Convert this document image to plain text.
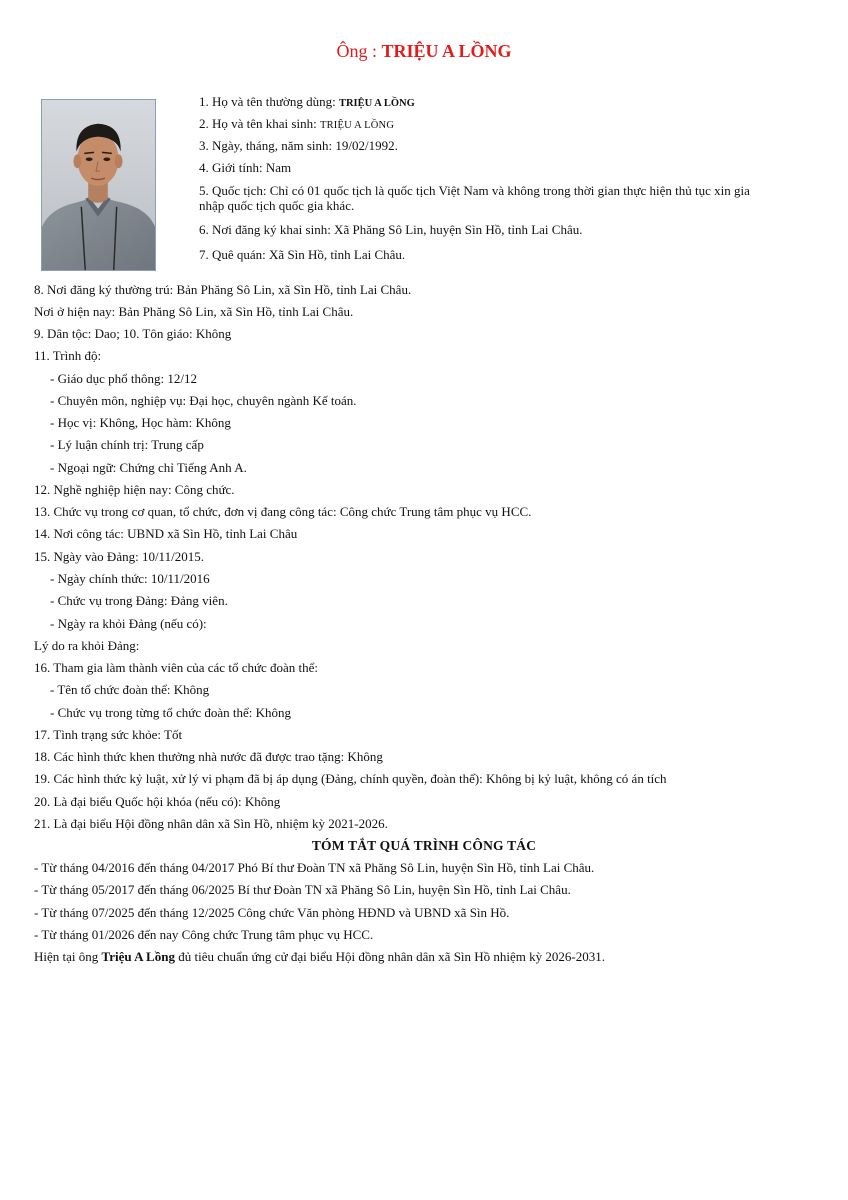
Ông : TRIỆU A LỒNG
1. Họ và tên thường dùng: TRIỆU A LỒNG
2. Họ và tên khai sinh: TRIỆU A LỒNG
3. Ngày, tháng, năm sinh: 19/02/1992.
4. Giới tính: Nam
5. Quốc tịch: Chỉ có 01 quốc tịch là quốc tịch Việt Nam và không trong thời gian thực hiện thủ tục xin gia nhập quốc tịch quốc gia khác.
6. Nơi đăng ký khai sinh: Xã Phăng Sô Lin, huyện Sìn Hồ, tỉnh Lai Châu.
7. Quê quán: Xã Sìn Hồ, tỉnh Lai Châu.
8. Nơi đăng ký thường trú: Bản Phăng Sô Lin, xã Sìn Hồ, tỉnh Lai Châu.
Nơi ở hiện nay: Bản Phăng Sô Lin, xã Sìn Hồ, tỉnh Lai Châu.
9. Dân tộc: Dao; 10. Tôn giáo: Không
11. Trình độ:
- Giáo dục phổ thông: 12/12
- Chuyên môn, nghiệp vụ: Đại học, chuyên ngành Kế toán.
- Học vị: Không, Học hàm: Không
- Lý luận chính trị: Trung cấp
- Ngoại ngữ: Chứng chỉ Tiếng Anh A.
12. Nghề nghiệp hiện nay: Công chức.
13. Chức vụ trong cơ quan, tổ chức, đơn vị đang công tác: Công chức Trung tâm phục vụ HCC.
14. Nơi công tác: UBND xã Sìn Hồ, tỉnh Lai Châu
15. Ngày vào Đảng: 10/11/2015.
- Ngày chính thức: 10/11/2016
- Chức vụ trong Đảng: Đảng viên.
- Ngày ra khỏi Đảng (nếu có):
Lý do ra khỏi Đảng:
16. Tham gia làm thành viên của các tổ chức đoàn thể:
- Tên tổ chức đoàn thể: Không
- Chức vụ trong từng tổ chức đoàn thể: Không
17. Tình trạng sức khỏe: Tốt
18. Các hình thức khen thưởng nhà nước đã được trao tặng: Không
19. Các hình thức kỷ luật, xử lý vi phạm đã bị áp dụng (Đảng, chính quyền, đoàn thể): Không bị kỷ luật, không có án tích
20. Là đại biểu Quốc hội khóa (nếu có): Không
21. Là đại biểu Hội đồng nhân dân xã Sìn Hồ, nhiệm kỳ 2021-2026.
TÓM TẮT QUÁ TRÌNH CÔNG TÁC
- Từ tháng 04/2016 đến tháng 04/2017 Phó Bí thư Đoàn TN xã Phăng Sô Lin, huyện Sìn Hồ, tỉnh Lai Châu.
- Từ tháng 05/2017 đến tháng 06/2025 Bí thư Đoàn TN xã Phăng Sô Lin, huyện Sìn Hồ, tỉnh Lai Châu.
- Từ tháng 07/2025 đến tháng 12/2025 Công chức Văn phòng HĐND và UBND xã Sìn Hồ.
- Từ tháng 01/2026 đến nay Công chức Trung tâm phục vụ HCC.
Hiện tại ông Triệu A Lồng đủ tiêu chuẩn ứng cử đại biểu Hội đồng nhân dân xã Sìn Hồ nhiệm kỳ 2026-2031.
